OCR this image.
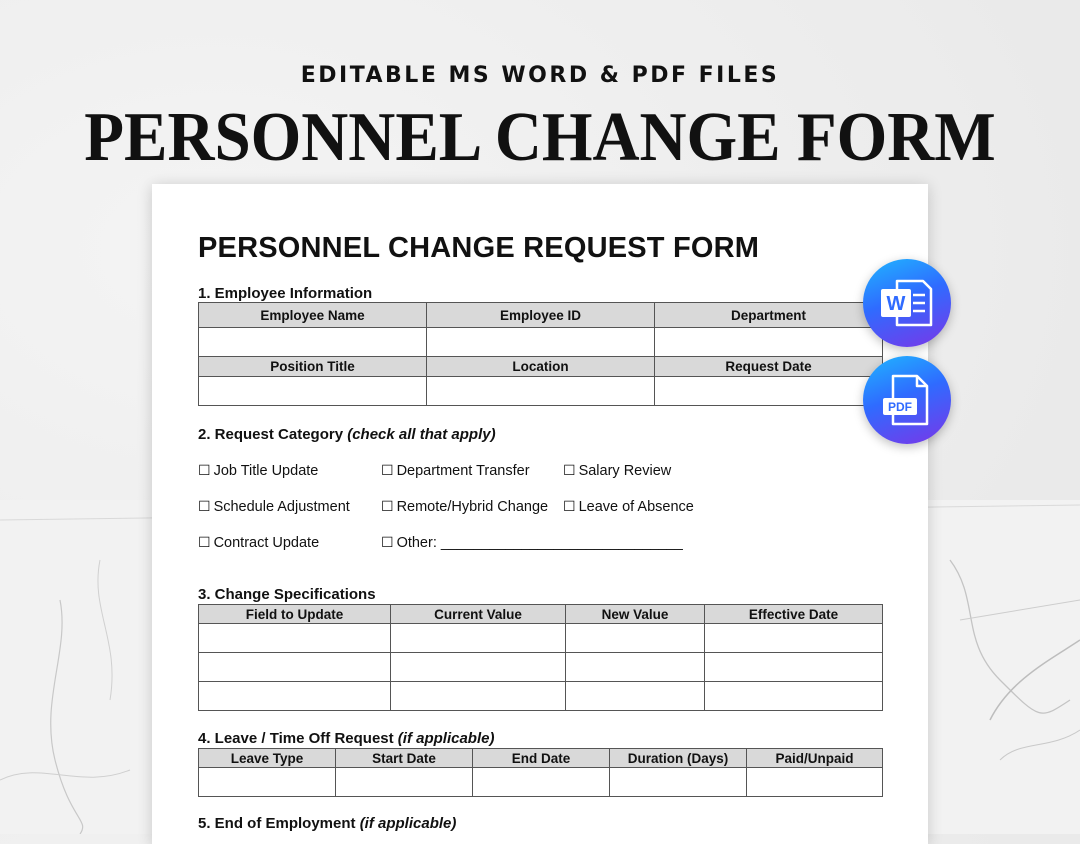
EDITABLE MS WORD & PDF FILES
PERSONNEL CHANGE FORM
PERSONNEL CHANGE REQUEST FORM
1. Employee Information
Employee Name	Employee ID	Department

Position Title	Location	Request Date

2. Request Category (check all that apply)
☐ Job Title Update	☐ Department Transfer ☐ Salary Review
☐ Schedule Adjustment ☐ Remote/Hybrid Change ☐ Leave of Absence
☐ Contract Update	☐ Other: ______________________________
3. Change Specifications
Field to Update	Current Value	New Value	Effective Date

4. Leave / Time Off Request (if applicable)
Leave Type	Start Date	End Date	Duration (Days)	Paid/Unpaid

5. End of Employment (if applicable)
W
PDF
